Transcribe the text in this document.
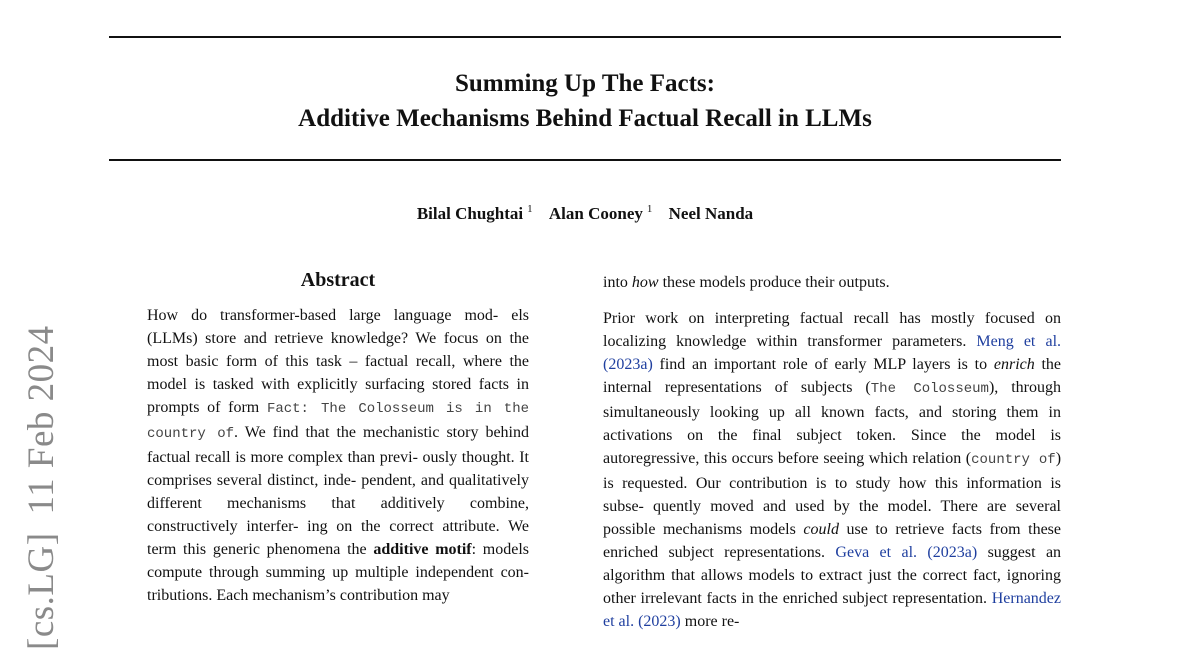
Summing Up The Facts:
Additive Mechanisms Behind Factual Recall in LLMs
Bilal Chughtai $^1$ Alan Cooney $^1$ Neel Nanda
[cs.LG]11 Feb 2024
Abstract

How do transformer-based large language mod- els (LLMs) store and retrieve knowledge? We focus on the most basic form of this task – factual recall, where the model is tasked with explicitly surfacing stored facts in prompts of form Fact: The Colosseum is in the country of. We find that the mechanistic story behind factual recall is more complex than previ- ously thought. It comprises several distinct, inde- pendent, and qualitatively different mechanisms that additively combine, constructively interfer- ing on the correct attribute. We term this generic phenomena the additive motif: models compute through summing up multiple independent con- tributions. Each mechanism’s contribution may

into how these models produce their outputs.

Prior work on interpreting factual recall has mostly focused on localizing knowledge within transformer parameters. Meng et al. (2023a) find an important role of early MLP layers is to enrich the internal representations of subjects (The Colosseum), through simultaneously looking up all known facts, and storing them in activations on the final subject token. Since the model is autoregressive, this occurs before seeing which relation (country of) is requested. Our contribution is to study how this information is subse- quently moved and used by the model. There are several possible mechanisms models could use to retrieve facts from these enriched subject representations. Geva et al. (2023a) suggest an algorithm that allows models to extract just the correct fact, ignoring other irrelevant facts in the enriched subject representation. Hernandez et al. (2023) more re-
